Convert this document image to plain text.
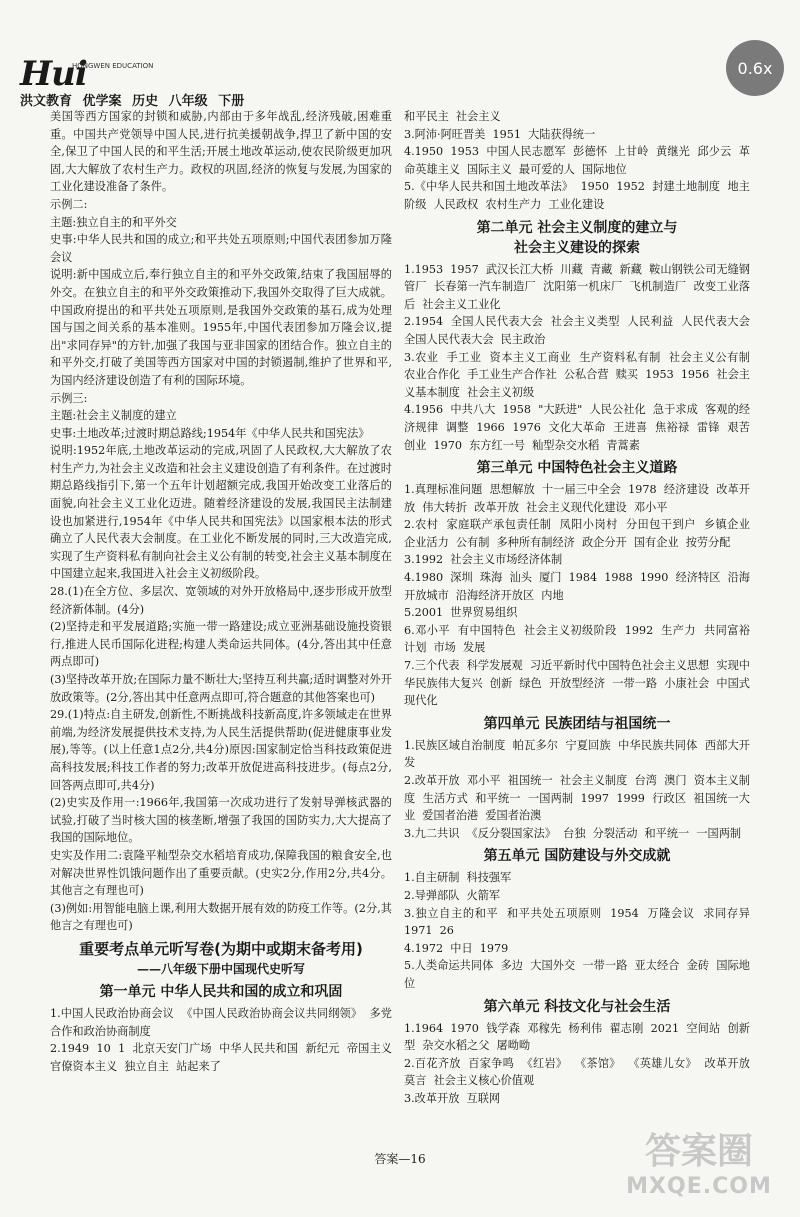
Hui
HONGWEN EDUCATION
洪文教育 优学案 历史 八年级 下册
0.6x

美国等西方国家的封锁和威胁,内部由于多年战乱,经济残破,困难重重。中国共产党领导中国人民,进行抗美援朝战争,捍卫了新中国的安全,保卫了中国人民的和平生活;开展土地改革运动,使农民阶级更加巩固,大大解放了农村生产力。政权的巩固,经济的恢复与发展,为国家的工业化建设准备了条件。

示例二:

主题:独立自主的和平外交

史事:中华人民共和国的成立;和平共处五项原则;中国代表团参加万隆会议

说明:新中国成立后,奉行独立自主的和平外交政策,结束了我国屈辱的外交。在独立自主的和平外交政策推动下,我国外交取得了巨大成就。中国政府提出的和平共处五项原则,是我国外交政策的基石,成为处理国与国之间关系的基本准则。1955年,中国代表团参加万隆会议,提出"求同存异"的方针,加强了我国与亚非国家的团结合作。独立自主的和平外交,打破了美国等西方国家对中国的封锁遏制,维护了世界和平,为国内经济建设创造了有利的国际环境。

示例三:

主题:社会主义制度的建立

史事:土地改革;过渡时期总路线;1954年《中华人民共和国宪法》

说明:1952年底,土地改革运动的完成,巩固了人民政权,大大解放了农村生产力,为社会主义改造和社会主义建设创造了有利条件。在过渡时期总路线指引下,第一个五年计划超额完成,我国开始改变工业落后的面貌,向社会主义工业化迈进。随着经济建设的发展,我国民主法制建设也加紧进行,1954年《中华人民共和国宪法》以国家根本法的形式确立了人民代表大会制度。在工业化不断发展的同时,三大改造完成,实现了生产资料私有制向社会主义公有制的转变,社会主义基本制度在中国建立起来,我国进入社会主义初级阶段。

28.(1)在全方位、多层次、宽领域的对外开放格局中,逐步形成开放型经济新体制。(4分)

(2)坚持走和平发展道路;实施一带一路建设;成立亚洲基础设施投资银行,推进人民币国际化进程;构建人类命运共同体。(4分,答出其中任意两点即可)

(3)坚持改革开放;在国际力量不断壮大;坚持互利共赢;适时调整对外开放政策等。(2分,答出其中任意两点即可,符合题意的其他答案也可)

29.(1)特点:自主研发,创新性,不断挑战科技新高度,许多领域走在世界前端,为经济发展提供技术支持,为人民生活提供帮助(促进健康事业发展),等等。(以上任意1点2分,共4分)原因:国家制定恰当科技政策促进高科技发展;科技工作者的努力;改革开放促进高科技进步。(每点2分,回答两点即可,共4分)

(2)史实及作用一:1966年,我国第一次成功进行了发射导弹核武器的试验,打破了当时核大国的核垄断,增强了我国的国防实力,大大提高了我国的国际地位。

史实及作用二:袁隆平籼型杂交水稻培育成功,保障我国的粮食安全,也对解决世界性饥饿问题作出了重要贡献。(史实2分,作用2分,共4分。其他言之有理也可)

(3)例如:用智能电脑上课,利用大数据开展有效的防疫工作等。(2分,其他言之有理也可)

重要考点单元听写卷(为期中或期末备考用)
——八年级下册中国现代史听写
第一单元 中华人民共和国的成立和巩固

1.中国人民政治协商会议  《中国人民政治协商会议共同纲领》  多党合作和政治协商制度

2.1949  10  1  北京天安门广场  中华人民共和国  新纪元  帝国主义  官僚资本主义  独立自主  站起来了

和平民主  社会主义

3.阿沛·阿旺晋美  1951  大陆获得统一

4.1950  1953  中国人民志愿军  彭德怀  上甘岭  黄继光  邱少云  革命英雄主义  国际主义  最可爱的人  国际地位

5.《中华人民共和国土地改革法》  1950  1952  封建土地制度  地主阶级  人民政权  农村生产力  工业化建设

第二单元 社会主义制度的建立与
社会主义建设的探索

1.1953  1957  武汉长江大桥  川藏  青藏  新藏  鞍山钢铁公司无缝钢管厂  长春第一汽车制造厂  沈阳第一机床厂  飞机制造厂  改变工业落后  社会主义工业化

2.1954  全国人民代表大会  社会主义类型  人民利益  人民代表大会  全国人民代表大会  民主政治

3.农业  手工业  资本主义工商业  生产资料私有制  社会主义公有制  农业合作化  手工业生产合作社  公私合营  赎买  1953  1956  社会主义基本制度  社会主义初级

4.1956  中共八大  1958  "大跃进"  人民公社化  急于求成  客观的经济规律  调整  1966  1976  文化大革命  王进喜  焦裕禄  雷锋  艰苦创业  1970  东方红一号  籼型杂交水稻  青蒿素

第三单元 中国特色社会主义道路

1.真理标准问题  思想解放  十一届三中全会  1978  经济建设  改革开放  伟大转折  改革开放  社会主义现代化建设  邓小平

2.农村  家庭联产承包责任制  凤阳小岗村  分田包干到户  乡镇企业  企业活力  公有制  多种所有制经济  政企分开  国有企业  按劳分配

3.1992  社会主义市场经济体制

4.1980  深圳  珠海  汕头  厦门  1984  1988  1990  经济特区  沿海开放城市  沿海经济开放区  内地

5.2001  世界贸易组织

6.邓小平  有中国特色  社会主义初级阶段  1992  生产力  共同富裕  计划  市场  发展

7.三个代表  科学发展观  习近平新时代中国特色社会主义思想  实现中华民族伟大复兴  创新  绿色  开放型经济  一带一路  小康社会  中国式现代化

第四单元 民族团结与祖国统一

1.民族区域自治制度  帕瓦多尔  宁夏回族  中华民族共同体  西部大开发

2.改革开放  邓小平  祖国统一  社会主义制度  台湾  澳门  资本主义制度  生活方式  和平统一  一国两制  1997  1999  行政区  祖国统一大业  爱国者治港  爱国者治澳

3.九二共识  《反分裂国家法》  台独  分裂活动  和平统一  一国两制

第五单元 国防建设与外交成就

1.自主研制  科技强军

2.导弹部队  火箭军

3.独立自主的和平  和平共处五项原则  1954  万隆会议  求同存异  1971  26

4.1972  中日  1979

5.人类命运共同体  多边  大国外交  一带一路  亚太经合  金砖  国际地位

第六单元 科技文化与社会生活

1.1964  1970  钱学森  邓稼先  杨利伟  翟志刚  2021  空间站  创新型  杂交水稻之父  屠呦呦

2.百花齐放  百家争鸣  《红岩》  《茶馆》  《英雄儿女》  改革开放  莫言  社会主义核心价值观

3.改革开放  互联网

答案—16	答案圈
MXQE.COM
